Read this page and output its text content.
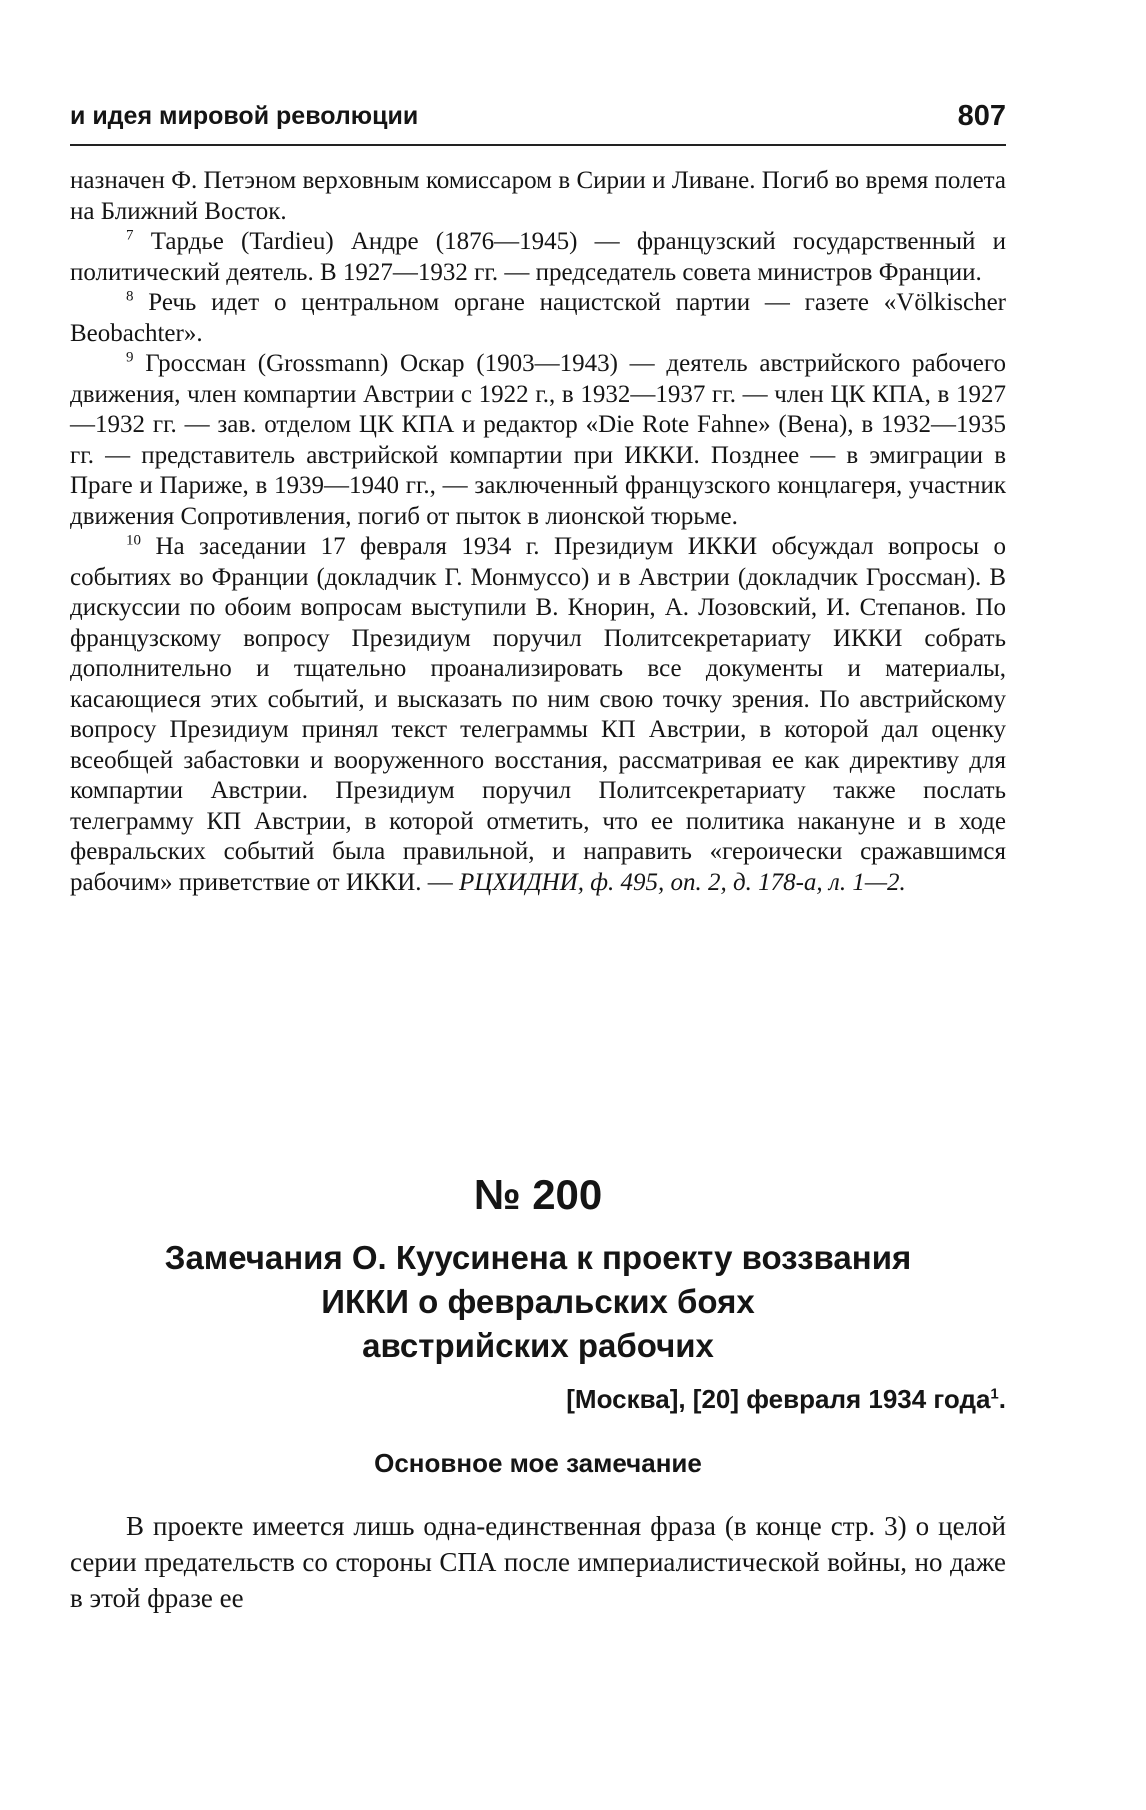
и идея мировой революции	807

назначен Ф. Петэном верховным комиссаром в Сирии и Ливане. Погиб во время полета на Ближний Восток.

$^7$ Тардье (Tardieu) Андре (1876—1945) — французский государственный и политический деятель. В 1927—1932 гг. — председатель совета министров Франции.

$^8$ Речь идет о центральном органе нацистской партии — газете «Völkischer Beobachter».

$^9$ Гроссман (Grossmann) Оскар (1903—1943) — деятель австрийского рабочего движения, член компартии Австрии с 1922 г., в 1932—1937 гг. — член ЦК КПА, в 1927—1932 гг. — зав. отделом ЦК КПА и редактор «Die Rote Fahne» (Вена), в 1932—1935 гг. — представитель австрийской компартии при ИККИ. Позднее — в эмиграции в Праге и Париже, в 1939—1940 гг., — заключенный французского концлагеря, участник движения Сопротивления, погиб от пыток в лионской тюрьме.

$^{10}$ На заседании 17 февраля 1934 г. Президиум ИККИ обсуждал вопросы о событиях во Франции (докладчик Г. Монмуссо) и в Австрии (докладчик Гроссман). В дискуссии по обоим вопросам выступили В. Кнорин, А. Лозовский, И. Степанов. По французскому вопросу Президиум поручил Политсекретариату ИККИ собрать дополнительно и тщательно проанализировать все документы и материалы, касающиеся этих событий, и высказать по ним свою точку зрения. По австрийскому вопросу Президиум принял текст телеграммы КП Австрии, в которой дал оценку всеобщей забастовки и вооруженного восстания, рассматривая ее как директиву для компартии Австрии. Президиум поручил Политсекретариату также послать телеграмму КП Австрии, в которой отметить, что ее политика накануне и в ходе февральских событий была правильной, и направить «героически сражавшимся рабочим» приветствие от ИККИ. — РЦХИДНИ, ф. 495, оп. 2, д. 178-а, л. 1—2.

№ 200
Замечания О. Куусинена к проекту воззвания
ИККИ о февральских боях
австрийских рабочих
[Москва], [20] февраля 1934 года$^1$.
Основное мое замечание

В проекте имеется лишь одна-единственная фраза (в конце стр. 3) о целой серии предательств со стороны СПА после империалистической войны, но даже в этой фразе ее
